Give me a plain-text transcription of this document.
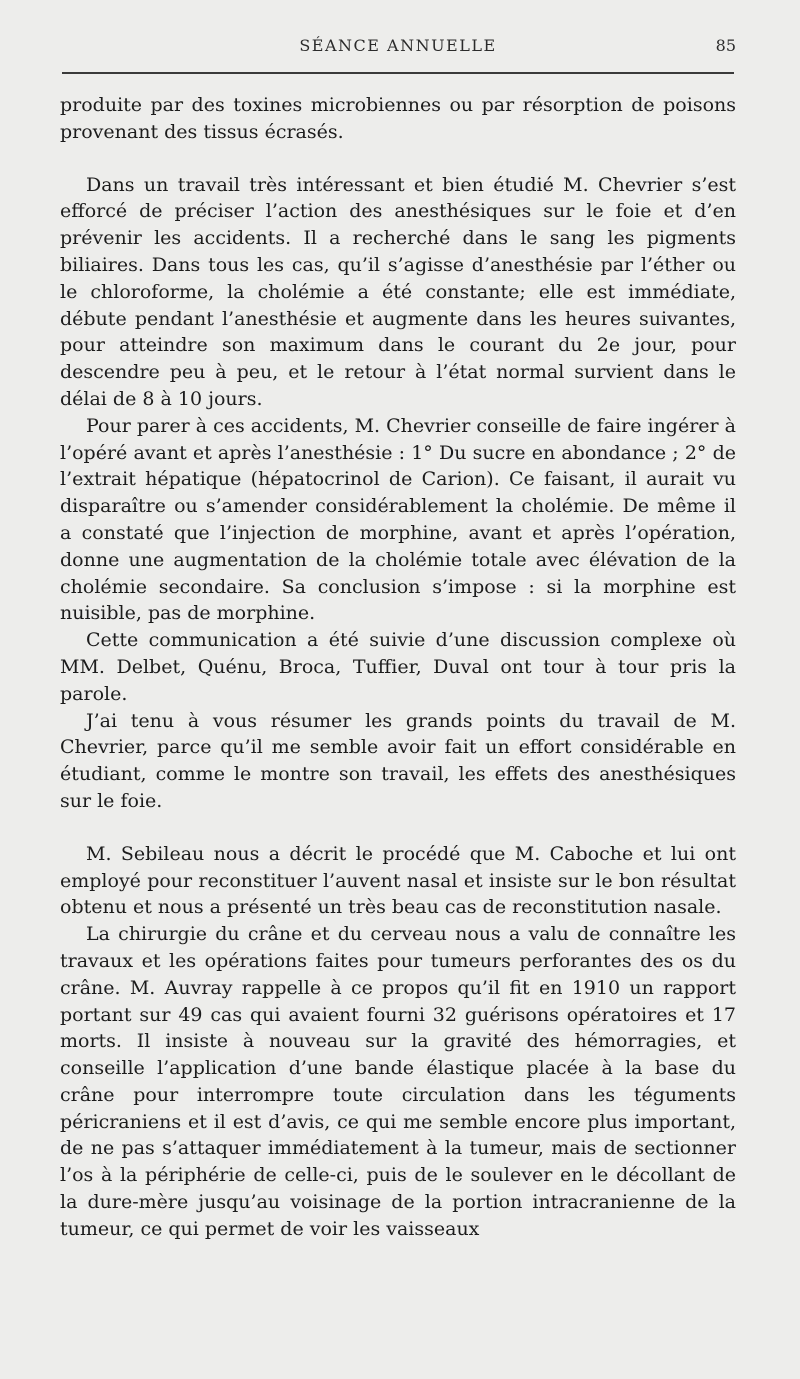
SÉANCE ANNUELLE	85

produite par des toxines microbiennes ou par résorption de poisons provenant des tissus écrasés.

Dans un travail très intéressant et bien étudié M. Chevrier s’est efforcé de préciser l’action des anesthésiques sur le foie et d’en prévenir les accidents. Il a recherché dans le sang les pigments biliaires. Dans tous les cas, qu’il s’agisse d’anesthésie par l’éther ou le chloroforme, la cholémie a été constante; elle est immédiate, débute pendant l’anesthésie et augmente dans les heures suivantes, pour atteindre son maximum dans le courant du 2e jour, pour descendre peu à peu, et le retour à l’état normal survient dans le délai de 8 à 10 jours.

Pour parer à ces accidents, M. Chevrier conseille de faire ingérer à l’opéré avant et après l’anesthésie : 1° Du sucre en abondance ; 2° de l’extrait hépatique (hépatocrinol de Carion). Ce faisant, il aurait vu disparaître ou s’amender considérablement la cholémie. De même il a constaté que l’injection de morphine, avant et après l’opération, donne une augmentation de la cholémie totale avec élévation de la cholémie secondaire. Sa conclusion s’impose : si la morphine est nuisible, pas de morphine.

Cette communication a été suivie d’une discussion complexe où MM. Delbet, Quénu, Broca, Tuffier, Duval ont tour à tour pris la parole.

J’ai tenu à vous résumer les grands points du travail de M. Chevrier, parce qu’il me semble avoir fait un effort considérable en étudiant, comme le montre son travail, les effets des anesthésiques sur le foie.

M. Sebileau nous a décrit le procédé que M. Caboche et lui ont employé pour reconstituer l’auvent nasal et insiste sur le bon résultat obtenu et nous a présenté un très beau cas de reconstitution nasale.

La chirurgie du crâne et du cerveau nous a valu de connaître les travaux et les opérations faites pour tumeurs perforantes des os du crâne. M. Auvray rappelle à ce propos qu’il fit en 1910 un rapport portant sur 49 cas qui avaient fourni 32 guérisons opératoires et 17 morts. Il insiste à nouveau sur la gravité des hémorragies, et conseille l’application d’une bande élastique placée à la base du crâne pour interrompre toute circulation dans les téguments péricraniens et il est d’avis, ce qui me semble encore plus important, de ne pas s’attaquer immédiatement à la tumeur, mais de sectionner l’os à la périphérie de celle-ci, puis de le soulever en le décollant de la dure-mère jusqu’au voisinage de la portion intracranienne de la tumeur, ce qui permet de voir les vaisseaux
